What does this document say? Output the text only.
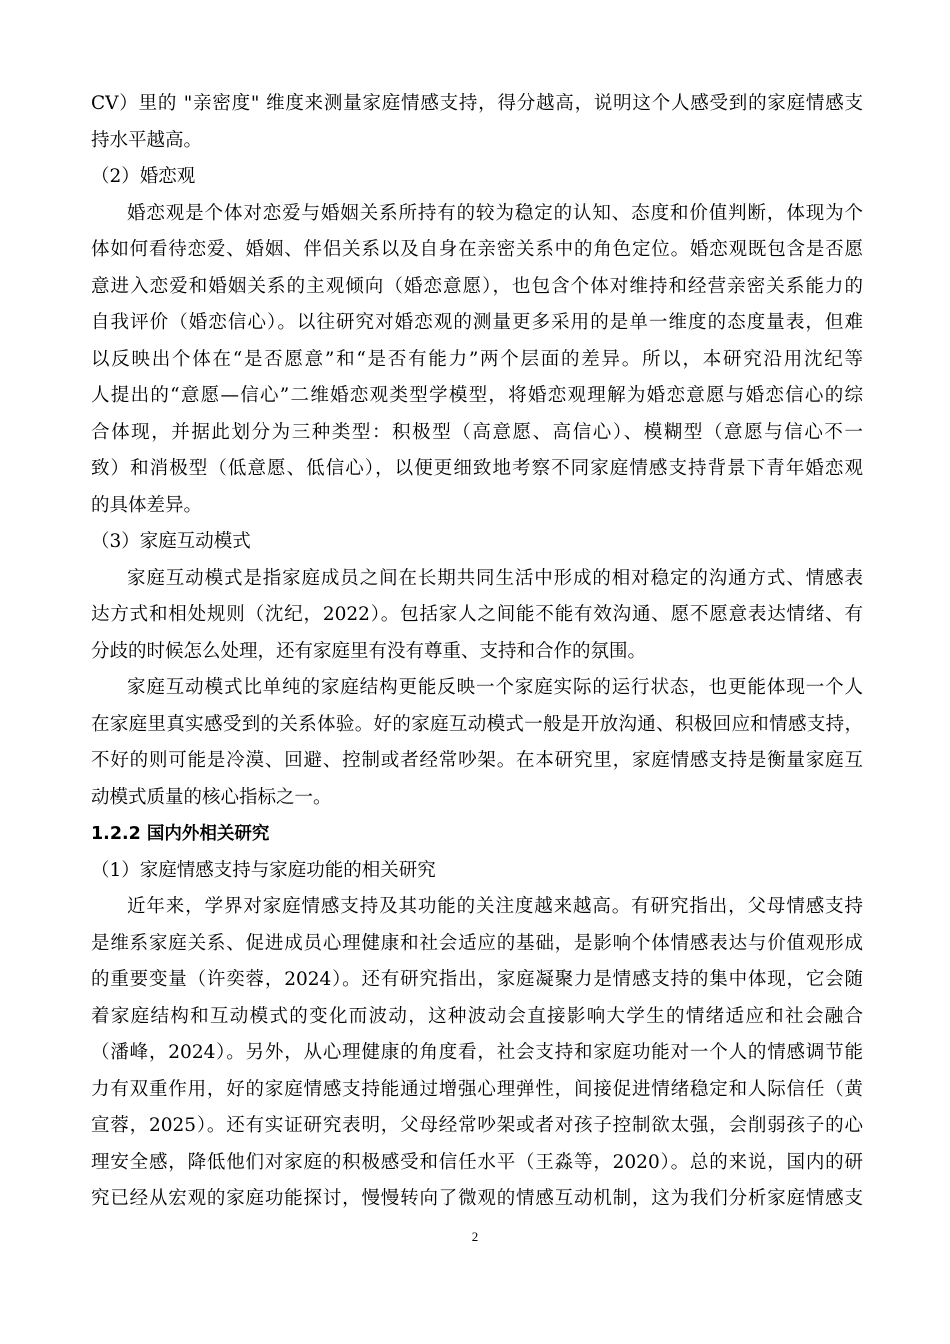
CV）里的 "亲密度" 维度来测量家庭情感支持，得分越高，说明这个人感受到的家庭情感支
持水平越高。
（2）婚恋观
婚恋观是个体对恋爱与婚姻关系所持有的较为稳定的认知、态度和价值判断，体现为个
体如何看待恋爱、婚姻、伴侣关系以及自身在亲密关系中的角色定位。婚恋观既包含是否愿
意进入恋爱和婚姻关系的主观倾向（婚恋意愿），也包含个体对维持和经营亲密关系能力的
自我评价（婚恋信心）。以往研究对婚恋观的测量更多采用的是单一维度的态度量表，但难
以反映出个体在“是否愿意”和“是否有能力”两个层面的差异。所以，本研究沿用沈纪等
人提出的“意愿—信心”二维婚恋观类型学模型，将婚恋观理解为婚恋意愿与婚恋信心的综
合体现，并据此划分为三种类型：积极型（高意愿、高信心）、模糊型（意愿与信心不一
致）和消极型（低意愿、低信心），以便更细致地考察不同家庭情感支持背景下青年婚恋观
的具体差异。
（3）家庭互动模式
家庭互动模式是指家庭成员之间在长期共同生活中形成的相对稳定的沟通方式、情感表
达方式和相处规则（沈纪，2022）。包括家人之间能不能有效沟通、愿不愿意表达情绪、有
分歧的时候怎么处理，还有家庭里有没有尊重、支持和合作的氛围。
家庭互动模式比单纯的家庭结构更能反映一个家庭实际的运行状态，也更能体现一个人
在家庭里真实感受到的关系体验。好的家庭互动模式一般是开放沟通、积极回应和情感支持，
不好的则可能是冷漠、回避、控制或者经常吵架。在本研究里，家庭情感支持是衡量家庭互
动模式质量的核心指标之一。
1.2.2 国内外相关研究
（1）家庭情感支持与家庭功能的相关研究
近年来，学界对家庭情感支持及其功能的关注度越来越高。有研究指出，父母情感支持
是维系家庭关系、促进成员心理健康和社会适应的基础，是影响个体情感表达与价值观形成
的重要变量（许奕蓉，2024）。还有研究指出，家庭凝聚力是情感支持的集中体现，它会随
着家庭结构和互动模式的变化而波动，这种波动会直接影响大学生的情绪适应和社会融合
（潘峰，2024）。另外，从心理健康的角度看，社会支持和家庭功能对一个人的情感调节能
力有双重作用，好的家庭情感支持能通过增强心理弹性，间接促进情绪稳定和人际信任（黄
宣蓉，2025）。还有实证研究表明，父母经常吵架或者对孩子控制欲太强，会削弱孩子的心
理安全感，降低他们对家庭的积极感受和信任水平（王淼等，2020）。总的来说，国内的研
究已经从宏观的家庭功能探讨，慢慢转向了微观的情感互动机制，这为我们分析家庭情感支
2
